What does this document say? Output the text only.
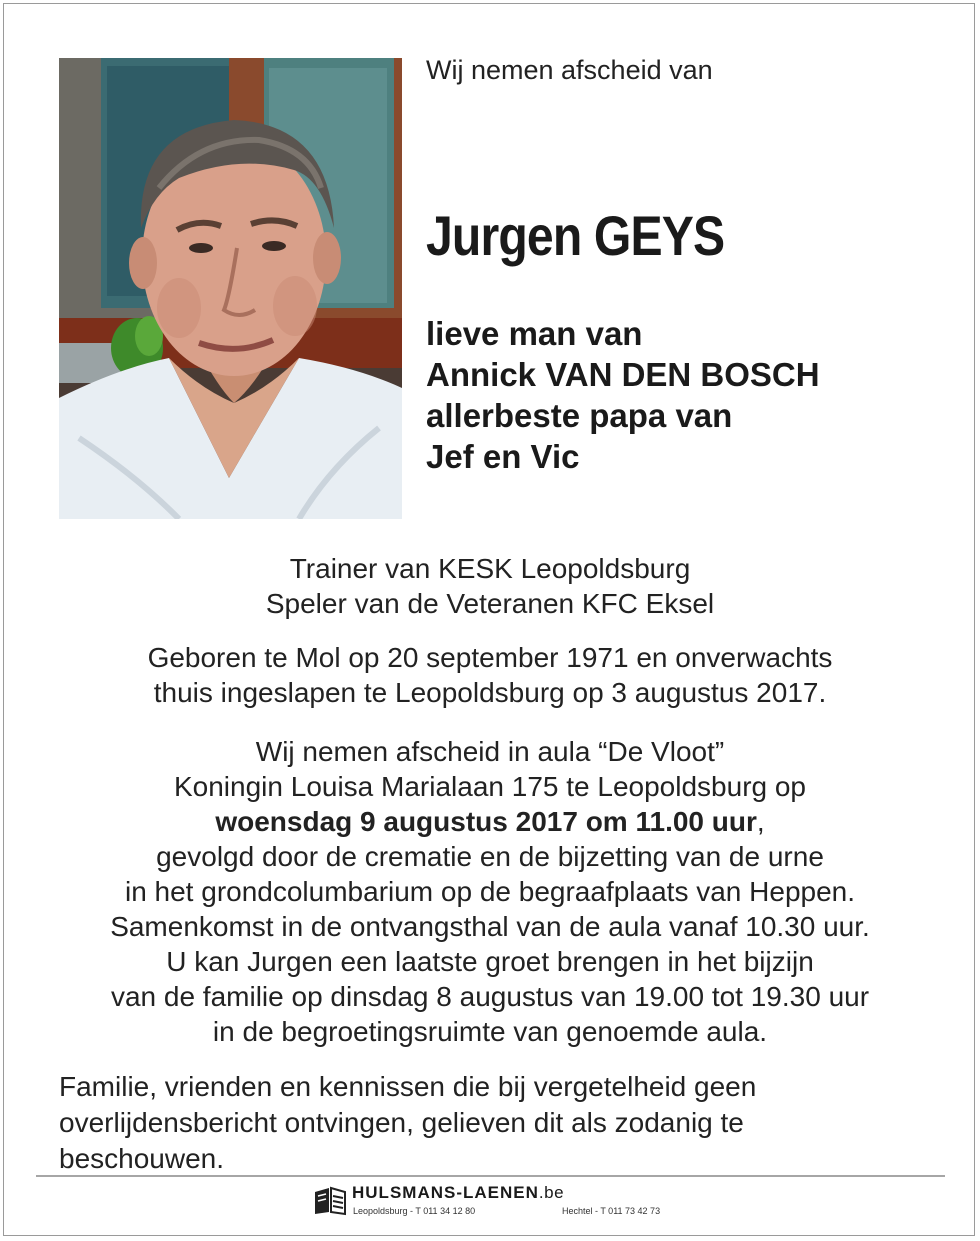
Wij nemen afscheid van
Jurgen GEYS
lieve man van
Annick VAN DEN BOSCH
allerbeste papa van
Jef en Vic
Trainer van KESK Leopoldsburg
Speler van de Veteranen KFC Eksel
Geboren te Mol op 20 september 1971 en onverwachts
thuis ingeslapen te Leopoldsburg op 3 augustus 2017.
Wij nemen afscheid in aula “De Vloot”
Koningin Louisa Marialaan 175 te Leopoldsburg op
woensdag 9 augustus 2017 om 11.00 uur,
gevolgd door de crematie en de bijzetting van de urne
in het grondcolumbarium op de begraafplaats van Heppen.
Samenkomst in de ontvangsthal van de aula vanaf 10.30 uur.
U kan Jurgen een laatste groet brengen in het bijzijn
van de familie op dinsdag 8 augustus van 19.00 tot 19.30 uur
in de begroetingsruimte van genoemde aula.
Familie, vrienden en kennissen die bij vergetelheid geen
overlijdensbericht ontvingen, gelieven dit als zodanig te
beschouwen.
HULSMANS-LAENEN.be
Leopoldsburg - T 011 34 12 80	Hechtel - T 011 73 42 73
